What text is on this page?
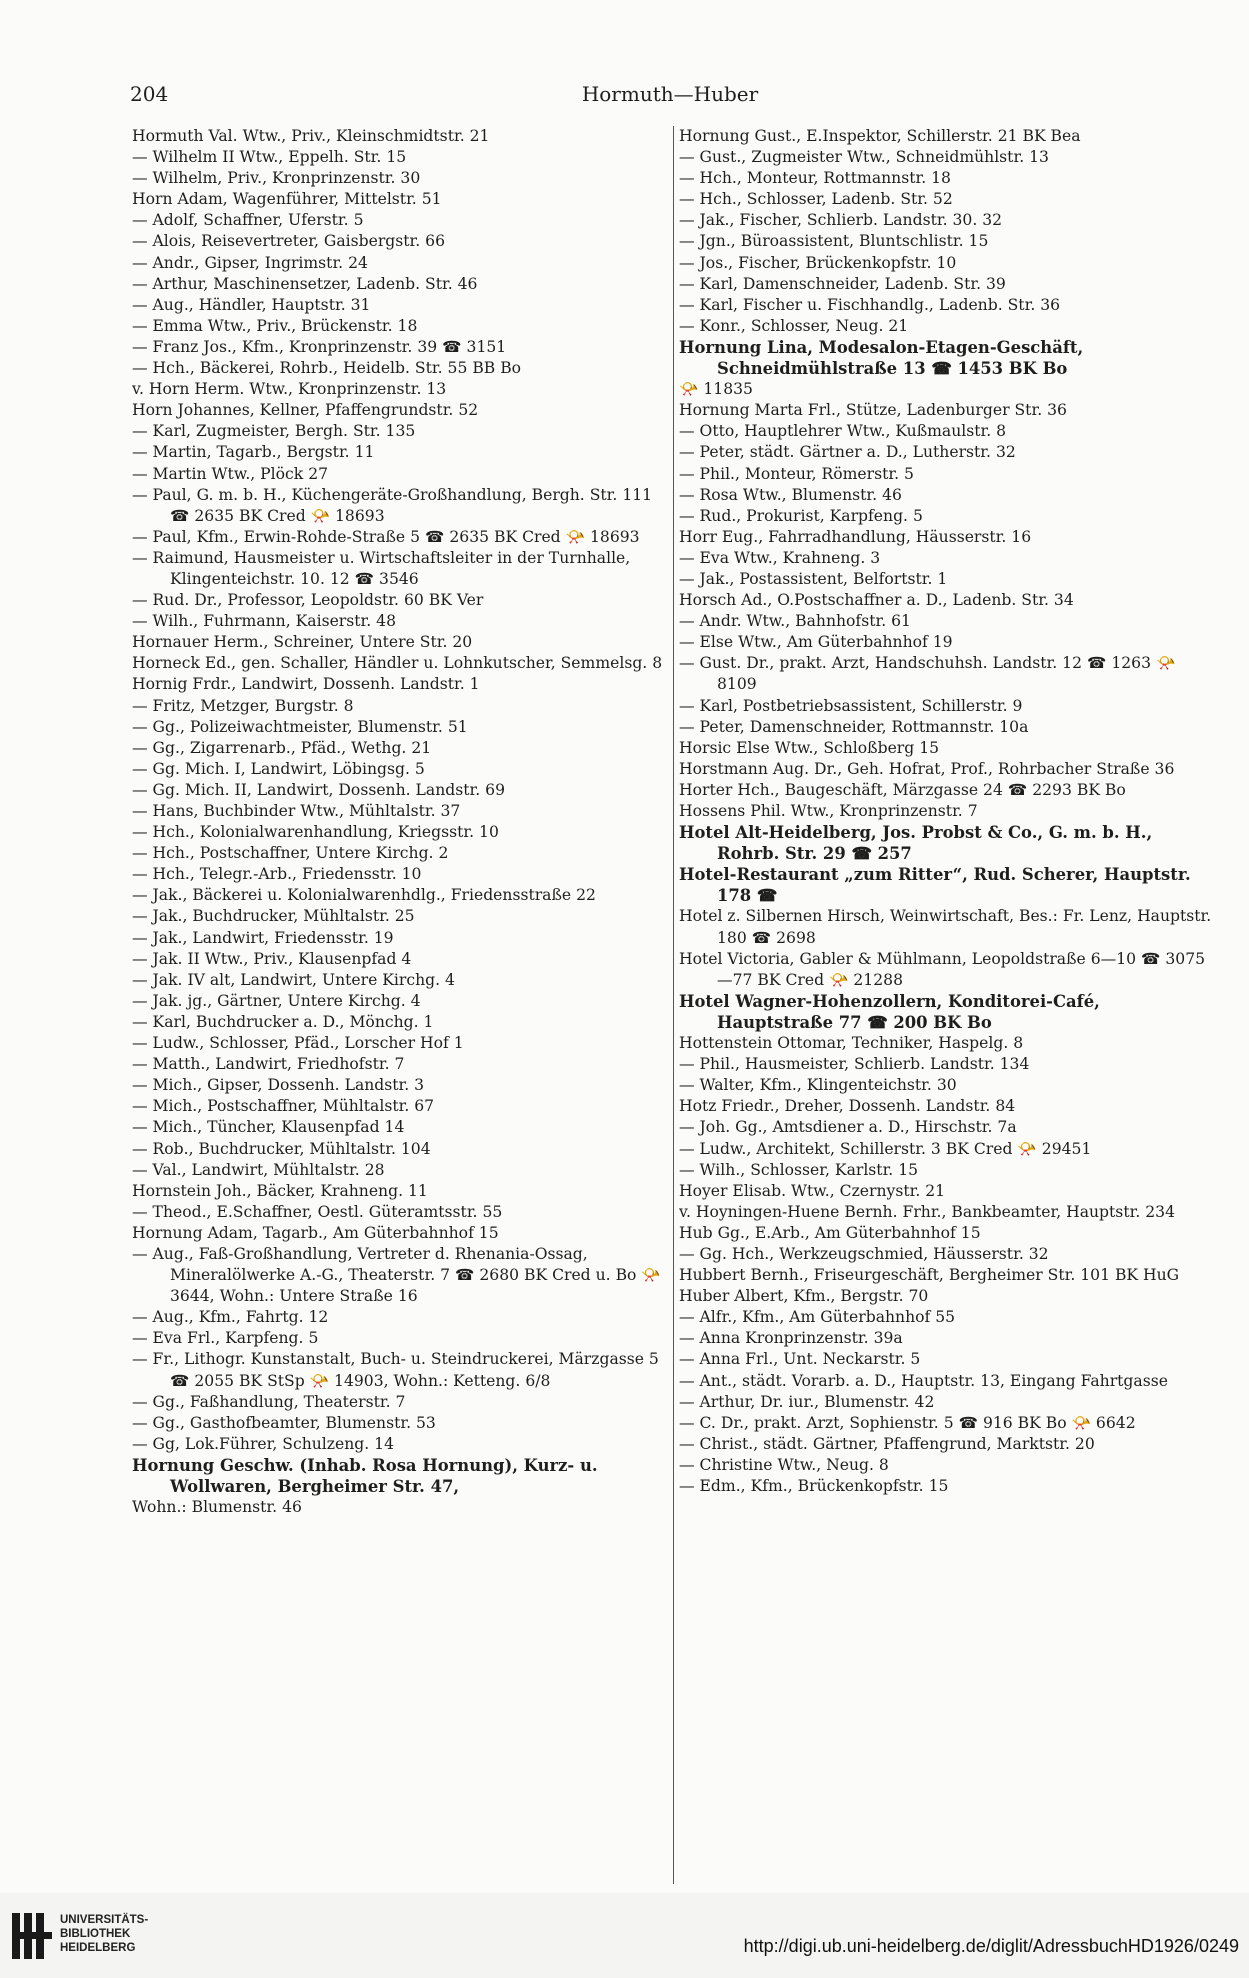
204	Hormuth—Huber
Hormuth Val. Wtw., Priv., Kleinschmidtstr. 21
— Wilhelm II Wtw., Eppelh. Str. 15
— Wilhelm, Priv., Kronprinzenstr. 30
Horn Adam, Wagenführer, Mittelstr. 51
— Adolf, Schaffner, Uferstr. 5
— Alois, Reisevertreter, Gaisbergstr. 66
— Andr., Gipser, Ingrimstr. 24
— Arthur, Maschinensetzer, Ladenb. Str. 46
— Aug., Händler, Hauptstr. 31
— Emma Wtw., Priv., Brückenstr. 18
— Franz Jos., Kfm., Kronprinzenstr. 39 ☎ 3151
— Hch., Bäckerei, Rohrb., Heidelb. Str. 55 BB Bo
v. Horn Herm. Wtw., Kronprinzenstr. 13
Horn Johannes, Kellner, Pfaffengrundstr. 52
— Karl, Zugmeister, Bergh. Str. 135
— Martin, Tagarb., Bergstr. 11
— Martin Wtw., Plöck 27
— Paul, G. m. b. H., Küchengeräte-Großhandlung, Bergh. Str. 111 ☎ 2635 BK Cred 📯 18693
— Paul, Kfm., Erwin-Rohde-Straße 5 ☎ 2635 BK Cred 📯 18693
— Raimund, Hausmeister u. Wirtschaftsleiter in der Turnhalle, Klingenteichstr. 10. 12 ☎ 3546
— Rud. Dr., Professor, Leopoldstr. 60 BK Ver
— Wilh., Fuhrmann, Kaiserstr. 48
Hornauer Herm., Schreiner, Untere Str. 20
Horneck Ed., gen. Schaller, Händler u. Lohnkutscher, Semmelsg. 8
Hornig Frdr., Landwirt, Dossenh. Landstr. 1
— Fritz, Metzger, Burgstr. 8
— Gg., Polizeiwachtmeister, Blumenstr. 51
— Gg., Zigarrenarb., Pfäd., Wethg. 21
— Gg. Mich. I, Landwirt, Löbingsg. 5
— Gg. Mich. II, Landwirt, Dossenh. Landstr. 69
— Hans, Buchbinder Wtw., Mühltalstr. 37
— Hch., Kolonialwarenhandlung, Kriegsstr. 10
— Hch., Postschaffner, Untere Kirchg. 2
— Hch., Telegr.-Arb., Friedensstr. 10
— Jak., Bäckerei u. Kolonialwarenhdlg., Friedensstraße 22
— Jak., Buchdrucker, Mühltalstr. 25
— Jak., Landwirt, Friedensstr. 19
— Jak. II Wtw., Priv., Klausenpfad 4
— Jak. IV alt, Landwirt, Untere Kirchg. 4
— Jak. jg., Gärtner, Untere Kirchg. 4
— Karl, Buchdrucker a. D., Mönchg. 1
— Ludw., Schlosser, Pfäd., Lorscher Hof 1
— Matth., Landwirt, Friedhofstr. 7
— Mich., Gipser, Dossenh. Landstr. 3
— Mich., Postschaffner, Mühltalstr. 67
— Mich., Tüncher, Klausenpfad 14
— Rob., Buchdrucker, Mühltalstr. 104
— Val., Landwirt, Mühltalstr. 28
Hornstein Joh., Bäcker, Krahneng. 11
— Theod., E.Schaffner, Oestl. Güteramtsstr. 55
Hornung Adam, Tagarb., Am Güterbahnhof 15
— Aug., Faß-Großhandlung, Vertreter d. Rhenania-Ossag, Mineralölwerke A.-G., Theaterstr. 7 ☎ 2680 BK Cred u. Bo 📯 3644, Wohn.: Untere Straße 16
— Aug., Kfm., Fahrtg. 12
— Eva Frl., Karpfeng. 5
— Fr., Lithogr. Kunstanstalt, Buch- u. Steindruckerei, Märzgasse 5 ☎ 2055 BK StSp 📯 14903, Wohn.: Ketteng. 6/8
— Gg., Faßhandlung, Theaterstr. 7
— Gg., Gasthofbeamter, Blumenstr. 53
— Gg, Lok.Führer, Schulzeng. 14
Hornung Geschw. (Inhab. Rosa Hornung), Kurz- u. Wollwaren, Bergheimer Str. 47,
Wohn.: Blumenstr. 46
Hornung Gust., E.Inspektor, Schillerstr. 21 BK Bea
— Gust., Zugmeister Wtw., Schneidmühlstr. 13
— Hch., Monteur, Rottmannstr. 18
— Hch., Schlosser, Ladenb. Str. 52
— Jak., Fischer, Schlierb. Landstr. 30. 32
— Jgn., Büroassistent, Bluntschlistr. 15
— Jos., Fischer, Brückenkopfstr. 10
— Karl, Damenschneider, Ladenb. Str. 39
— Karl, Fischer u. Fischhandlg., Ladenb. Str. 36
— Konr., Schlosser, Neug. 21
Hornung Lina, Modesalon-Etagen-Geschäft, Schneidmühlstraße 13 ☎ 1453 BK Bo
📯 11835
Hornung Marta Frl., Stütze, Ladenburger Str. 36
— Otto, Hauptlehrer Wtw., Kußmaulstr. 8
— Peter, städt. Gärtner a. D., Lutherstr. 32
— Phil., Monteur, Römerstr. 5
— Rosa Wtw., Blumenstr. 46
— Rud., Prokurist, Karpfeng. 5
Horr Eug., Fahrradhandlung, Häusserstr. 16
— Eva Wtw., Krahneng. 3
— Jak., Postassistent, Belfortstr. 1
Horsch Ad., O.Postschaffner a. D., Ladenb. Str. 34
— Andr. Wtw., Bahnhofstr. 61
— Else Wtw., Am Güterbahnhof 19
— Gust. Dr., prakt. Arzt, Handschuhsh. Landstr. 12 ☎ 1263 📯 8109
— Karl, Postbetriebsassistent, Schillerstr. 9
— Peter, Damenschneider, Rottmannstr. 10a
Horsic Else Wtw., Schloßberg 15
Horstmann Aug. Dr., Geh. Hofrat, Prof., Rohrbacher Straße 36
Horter Hch., Baugeschäft, Märzgasse 24 ☎ 2293 BK Bo
Hossens Phil. Wtw., Kronprinzenstr. 7
Hotel Alt-Heidelberg, Jos. Probst & Co., G. m. b. H., Rohrb. Str. 29 ☎ 257
Hotel-Restaurant „zum Ritter“, Rud. Scherer, Hauptstr. 178 ☎
Hotel z. Silbernen Hirsch, Weinwirtschaft, Bes.: Fr. Lenz, Hauptstr. 180 ☎ 2698
Hotel Victoria, Gabler & Mühlmann, Leopoldstraße 6—10 ☎ 3075—77 BK Cred 📯 21288
Hotel Wagner-Hohenzollern, Konditorei-Café, Hauptstraße 77 ☎ 200 BK Bo
Hottenstein Ottomar, Techniker, Haspelg. 8
— Phil., Hausmeister, Schlierb. Landstr. 134
— Walter, Kfm., Klingenteichstr. 30
Hotz Friedr., Dreher, Dossenh. Landstr. 84
— Joh. Gg., Amtsdiener a. D., Hirschstr. 7a
— Ludw., Architekt, Schillerstr. 3 BK Cred 📯 29451
— Wilh., Schlosser, Karlstr. 15
Hoyer Elisab. Wtw., Czernystr. 21
v. Hoyningen-Huene Bernh. Frhr., Bankbeamter, Hauptstr. 234
Hub Gg., E.Arb., Am Güterbahnhof 15
— Gg. Hch., Werkzeugschmied, Häusserstr. 32
Hubbert Bernh., Friseurgeschäft, Bergheimer Str. 101 BK HuG
Huber Albert, Kfm., Bergstr. 70
— Alfr., Kfm., Am Güterbahnhof 55
— Anna Kronprinzenstr. 39a
— Anna Frl., Unt. Neckarstr. 5
— Ant., städt. Vorarb. a. D., Hauptstr. 13, Eingang Fahrtgasse
— Arthur, Dr. iur., Blumenstr. 42
— C. Dr., prakt. Arzt, Sophienstr. 5 ☎ 916 BK Bo 📯 6642
— Christ., städt. Gärtner, Pfaffengrund, Marktstr. 20
— Christine Wtw., Neug. 8
— Edm., Kfm., Brückenkopfstr. 15
UNIVERSITÄTS-
BIBLIOTHEK
HEIDELBERG	http://digi.ub.uni-heidelberg.de/diglit/AdressbuchHD1926/0249
